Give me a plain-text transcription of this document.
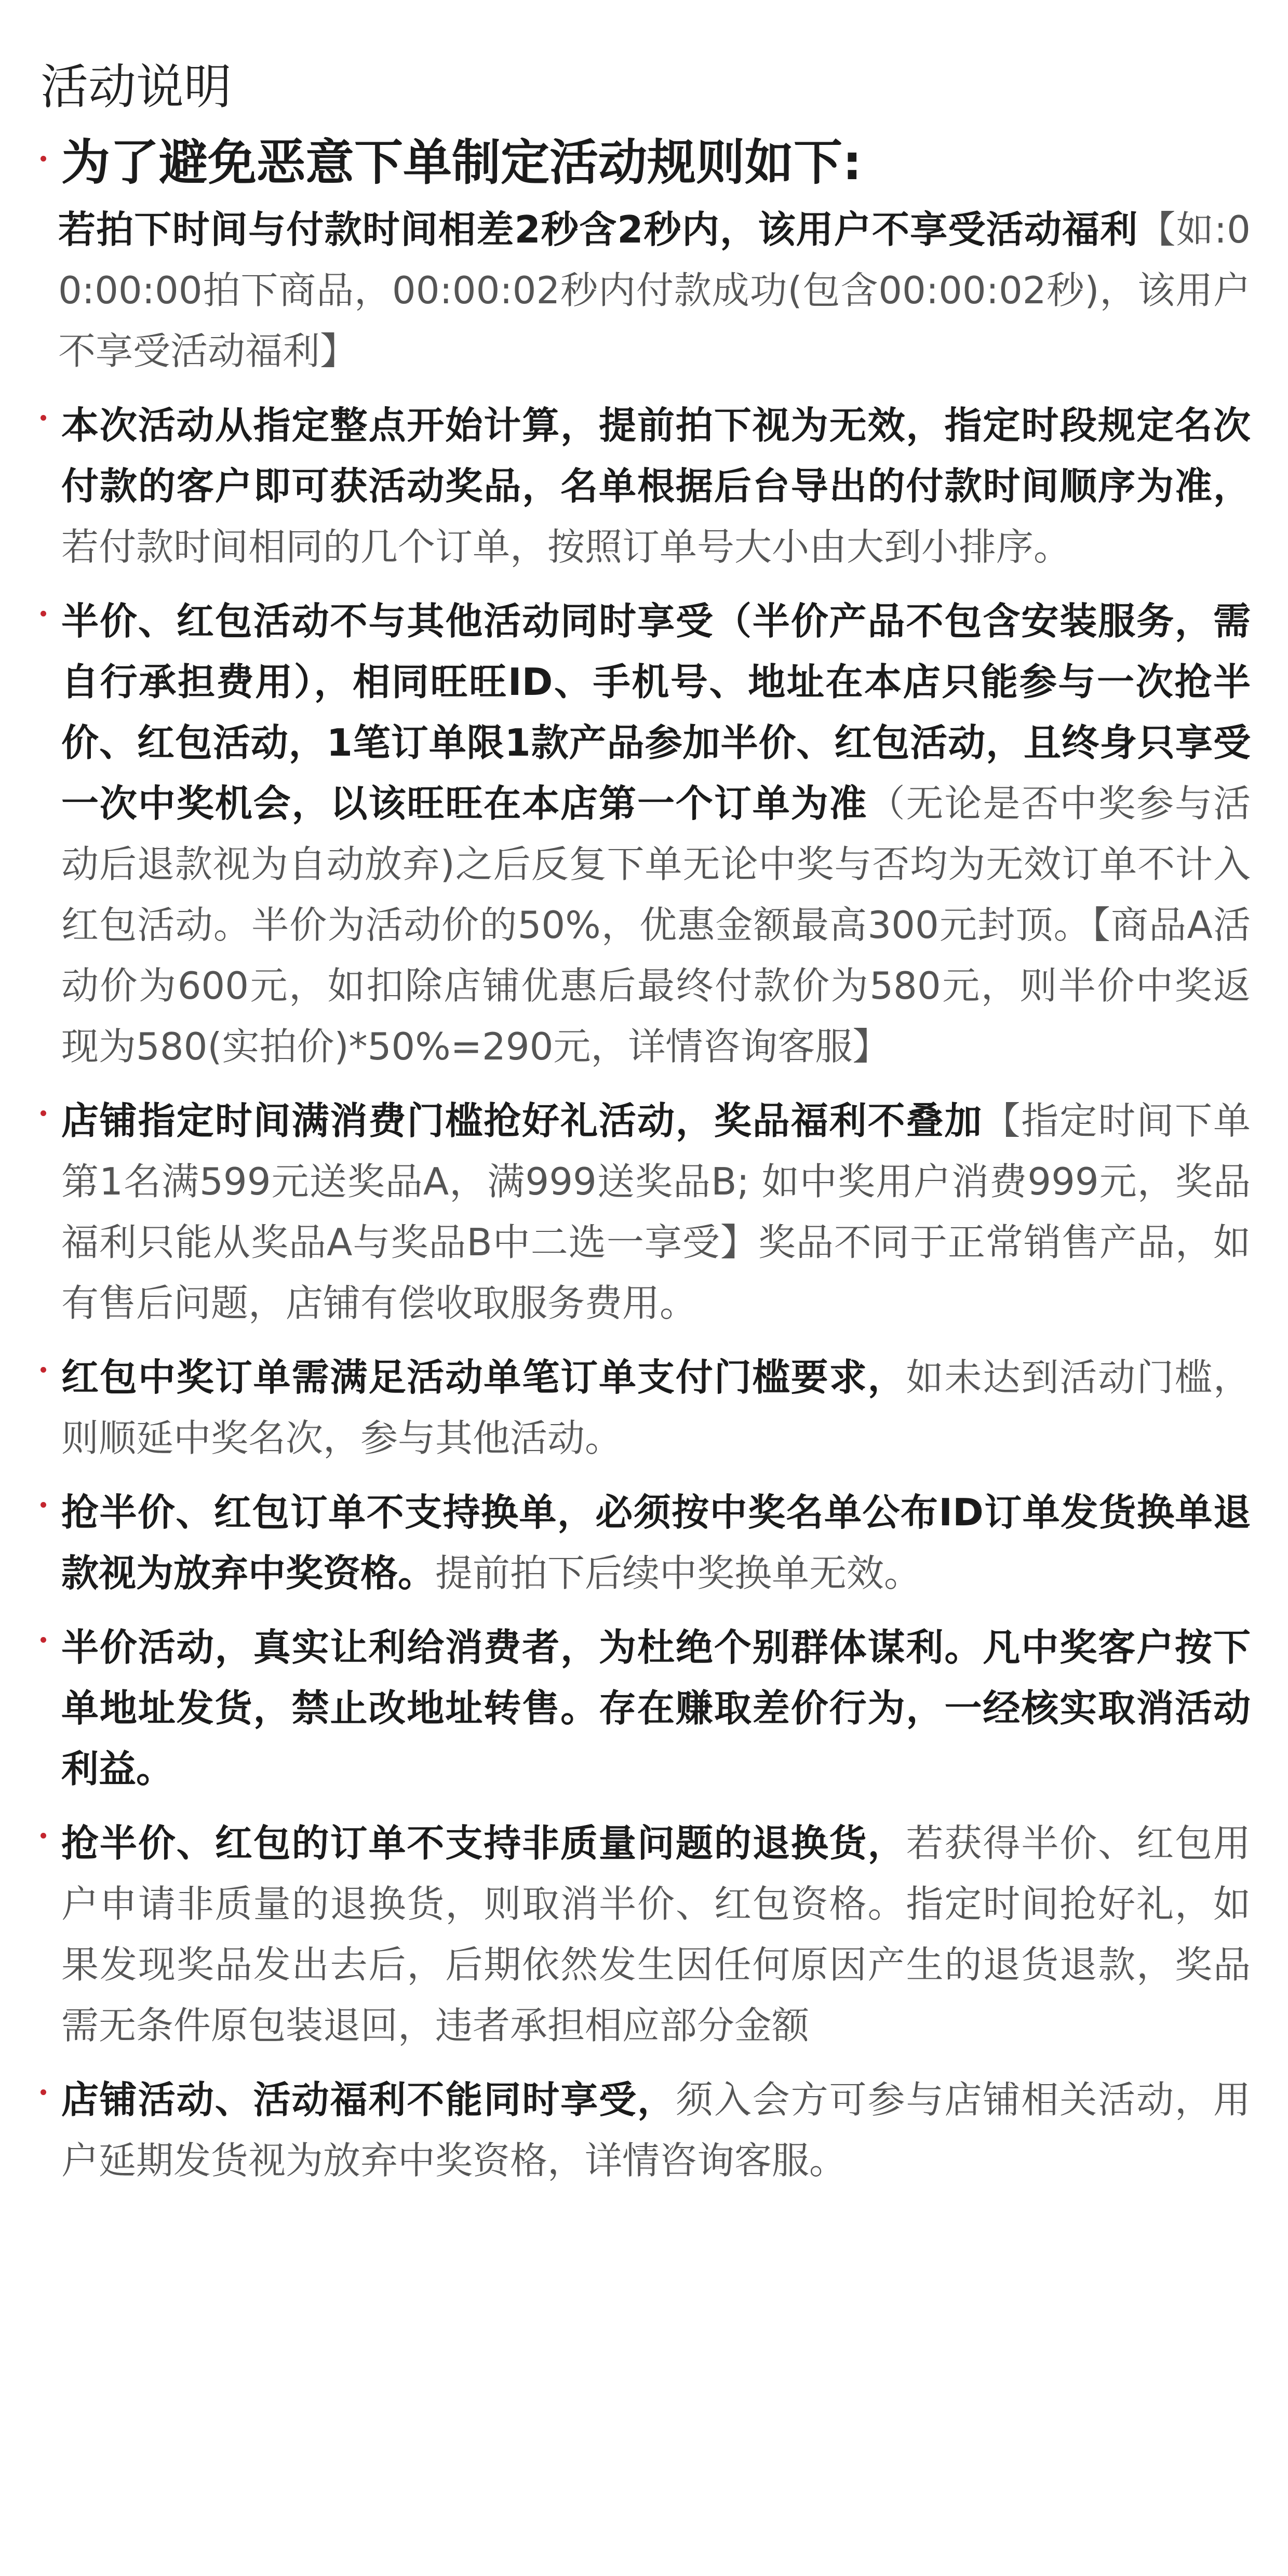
活动说明

为了避免恶意下单制定活动规则如下:

若拍下时间与付款时间相差2秒含2秒内，该用户不享受活动福利【如:00:00:00拍下商品，00:00:02秒内付款成功(包含00:00:02秒)，该用户不享受活动福利】

本次活动从指定整点开始计算，提前拍下视为无效，指定时段规定名次付款的客户即可获活动奖品，名单根据后台导出的付款时间顺序为准，若付款时间相同的几个订单，按照订单号大小由大到小排序。

半价、红包活动不与其他活动同时享受（半价产品不包含安装服务，需自行承担费用），相同旺旺ID、手机号、地址在本店只能参与一次抢半价、红包活动，1笔订单限1款产品参加半价、红包活动，且终身只享受一次中奖机会，以该旺旺在本店第一个订单为准（无论是否中奖参与活动后退款视为自动放弃)之后反复下单无论中奖与否均为无效订单不计入红包活动。半价为活动价的50%，优惠金额最高300元封顶。【商品A活动价为600元，如扣除店铺优惠后最终付款价为580元，则半价中奖返现为580(实拍价)*50%=290元，详情咨询客服】

店铺指定时间满消费门槛抢好礼活动，奖品福利不叠加【指定时间下单第1名满599元送奖品A，满999送奖品B; 如中奖用户消费999元，奖品福利只能从奖品A与奖品B中二选一享受】奖品不同于正常销售产品，如有售后问题，店铺有偿收取服务费用。

红包中奖订单需满足活动单笔订单支付门槛要求，如未达到活动门槛，则顺延中奖名次，参与其他活动。

抢半价、红包订单不支持换单，必须按中奖名单公布ID订单发货换单退款视为放弃中奖资格。提前拍下后续中奖换单无效。

半价活动，真实让利给消费者，为杜绝个别群体谋利。凡中奖客户按下单地址发货，禁止改地址转售。存在赚取差价行为，一经核实取消活动利益。

抢半价、红包的订单不支持非质量问题的退换货，若获得半价、红包用户申请非质量的退换货，则取消半价、红包资格。指定时间抢好礼，如果发现奖品发出去后，后期依然发生因任何原因产生的退货退款，奖品需无条件原包装退回，违者承担相应部分金额

店铺活动、活动福利不能同时享受，须入会方可参与店铺相关活动，用户延期发货视为放弃中奖资格，详情咨询客服。
